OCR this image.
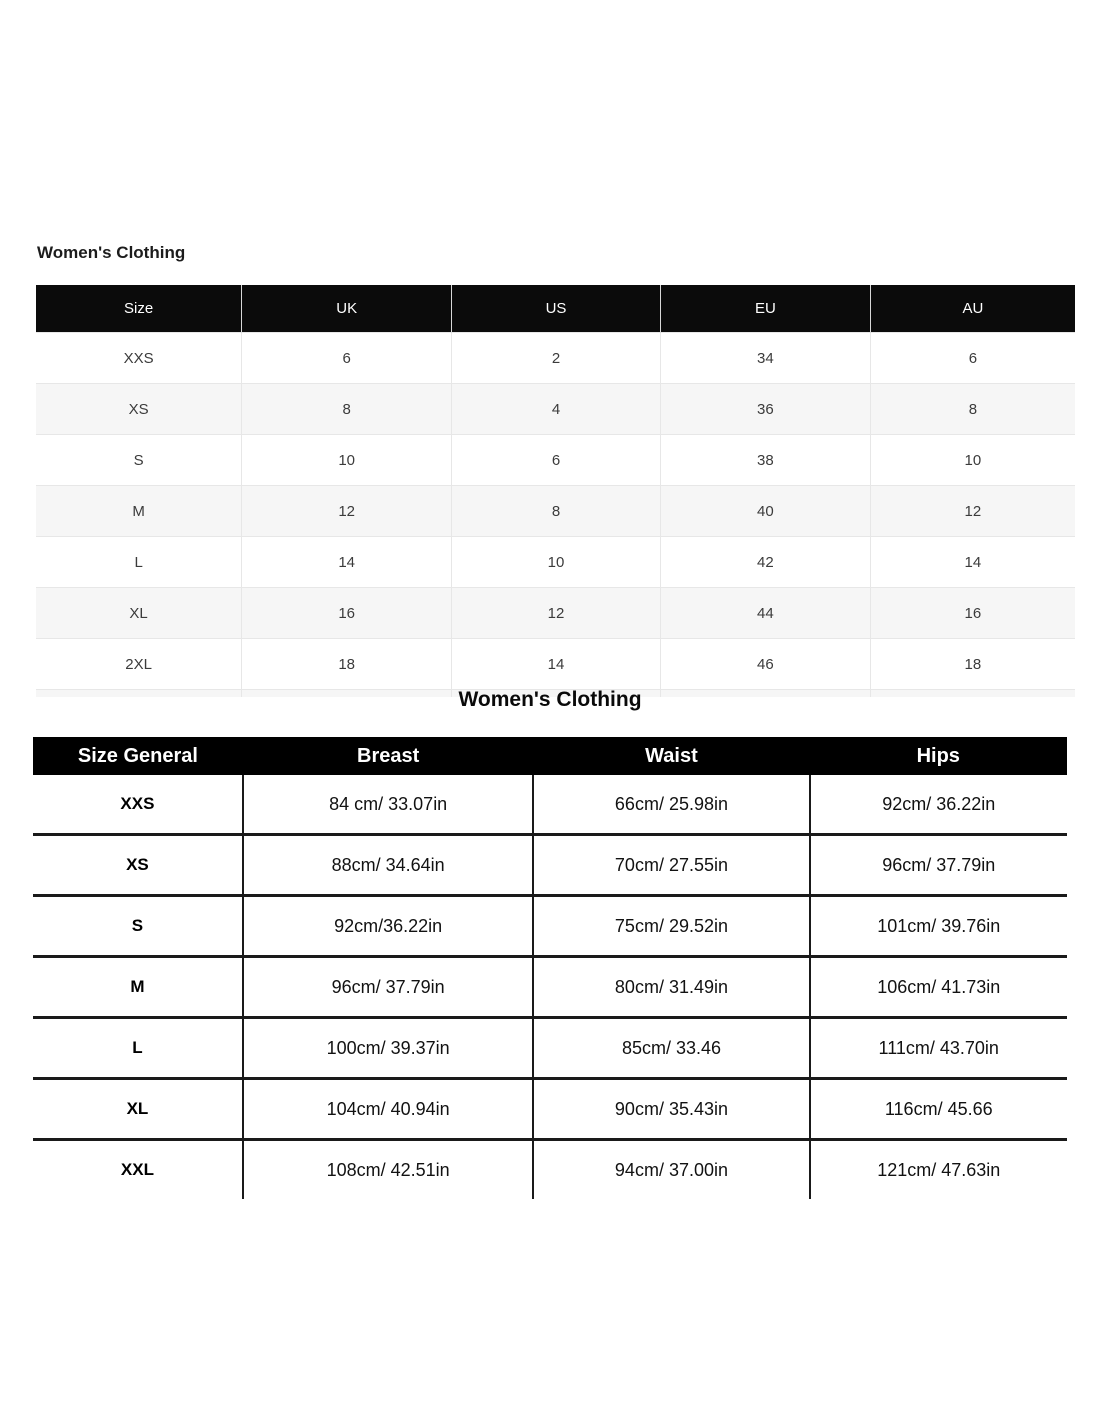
Women's Clothing
Size	UK	US	EU	AU
XXS	6	2	34	6
XS	8	4	36	8
S	10	6	38	10
M	12	8	40	12
L	14	10	42	14
XL	16	12	44	16
2XL	18	14	46	18

Women's Clothing
Size General	Breast	Waist	Hips
XXS	84 cm/ 33.07in	66cm/ 25.98in	92cm/ 36.22in
XS	88cm/ 34.64in	70cm/ 27.55in	96cm/ 37.79in
S	92cm/36.22in	75cm/ 29.52in	101cm/ 39.76in
M	96cm/ 37.79in	80cm/ 31.49in	106cm/ 41.73in
L	100cm/ 39.37in	85cm/ 33.46	111cm/ 43.70in
XL	104cm/ 40.94in	90cm/ 35.43in	116cm/ 45.66
XXL	108cm/ 42.51in	94cm/ 37.00in	121cm/ 47.63in
